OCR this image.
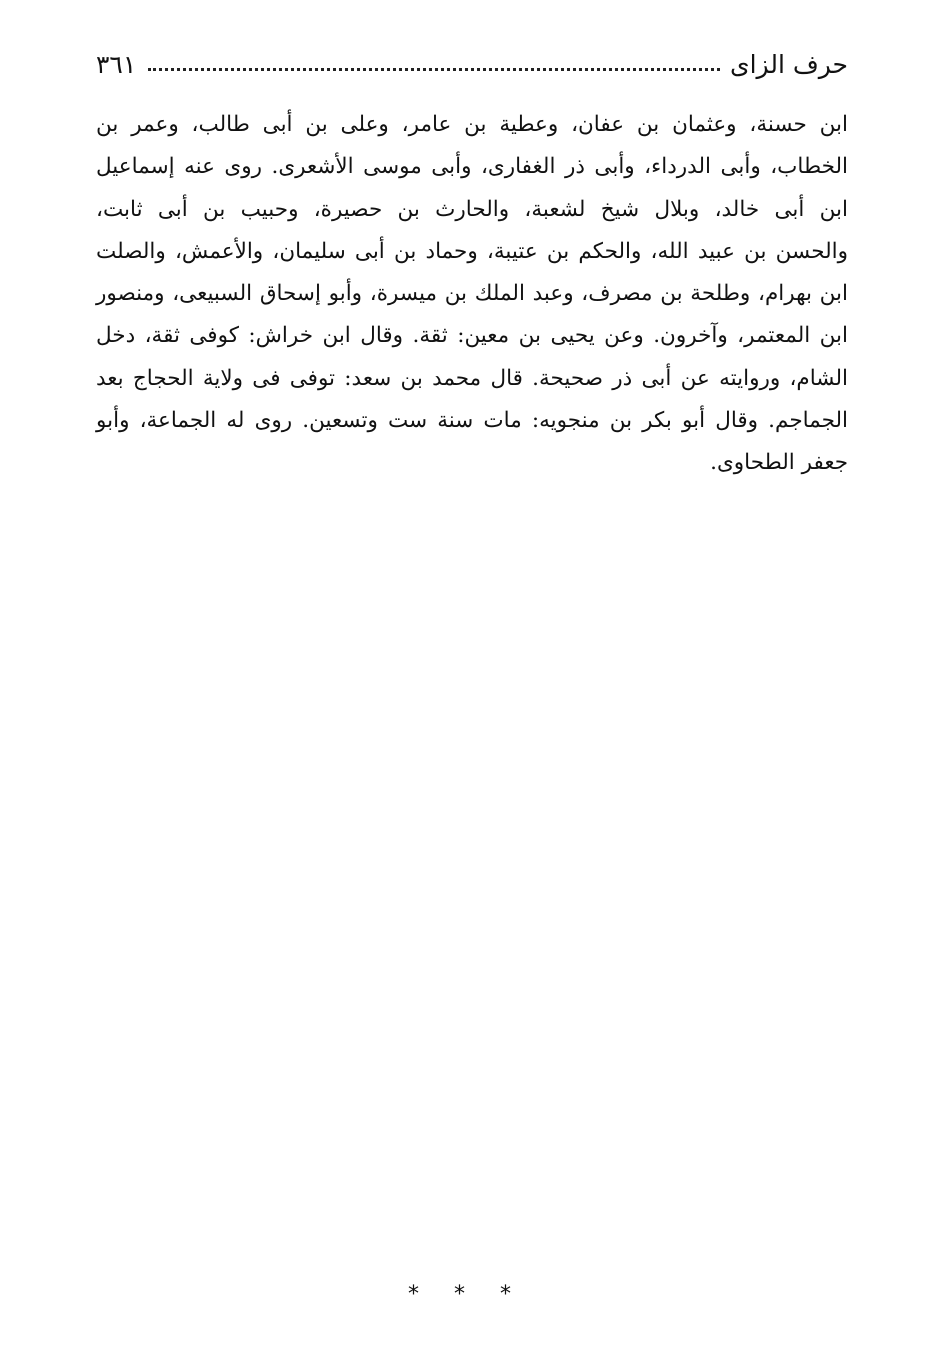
حرف الزاى
٣٦١
ابن حسنة، وعثمان بن عفان، وعطية بن عامر، وعلى بن أبى طالب، وعمر بن
الخطاب، وأبى الدرداء، وأبى ذر الغفارى، وأبى موسى الأشعرى. روى عنه إسماعيل
ابن أبى خالد، وبلال شيخ لشعبة، والحارث بن حصيرة، وحبيب بن أبى ثابت،
والحسن بن عبيد الله، والحكم بن عتيبة، وحماد بن أبى سليمان، والأعمش، والصلت
ابن بهرام، وطلحة بن مصرف، وعبد الملك بن ميسرة، وأبو إسحاق السبيعى، ومنصور
ابن المعتمر، وآخرون. وعن يحيى بن معين: ثقة. وقال ابن خراش: كوفى ثقة، دخل
الشام، وروايته عن أبى ذر صحيحة. قال محمد بن سعد: توفى فى ولاية الحجاج بعد
الجماجم. وقال أبو بكر بن منجويه: مات سنة ست وتسعين. روى له الجماعة، وأبو
جعفر الطحاوى.
* * *
